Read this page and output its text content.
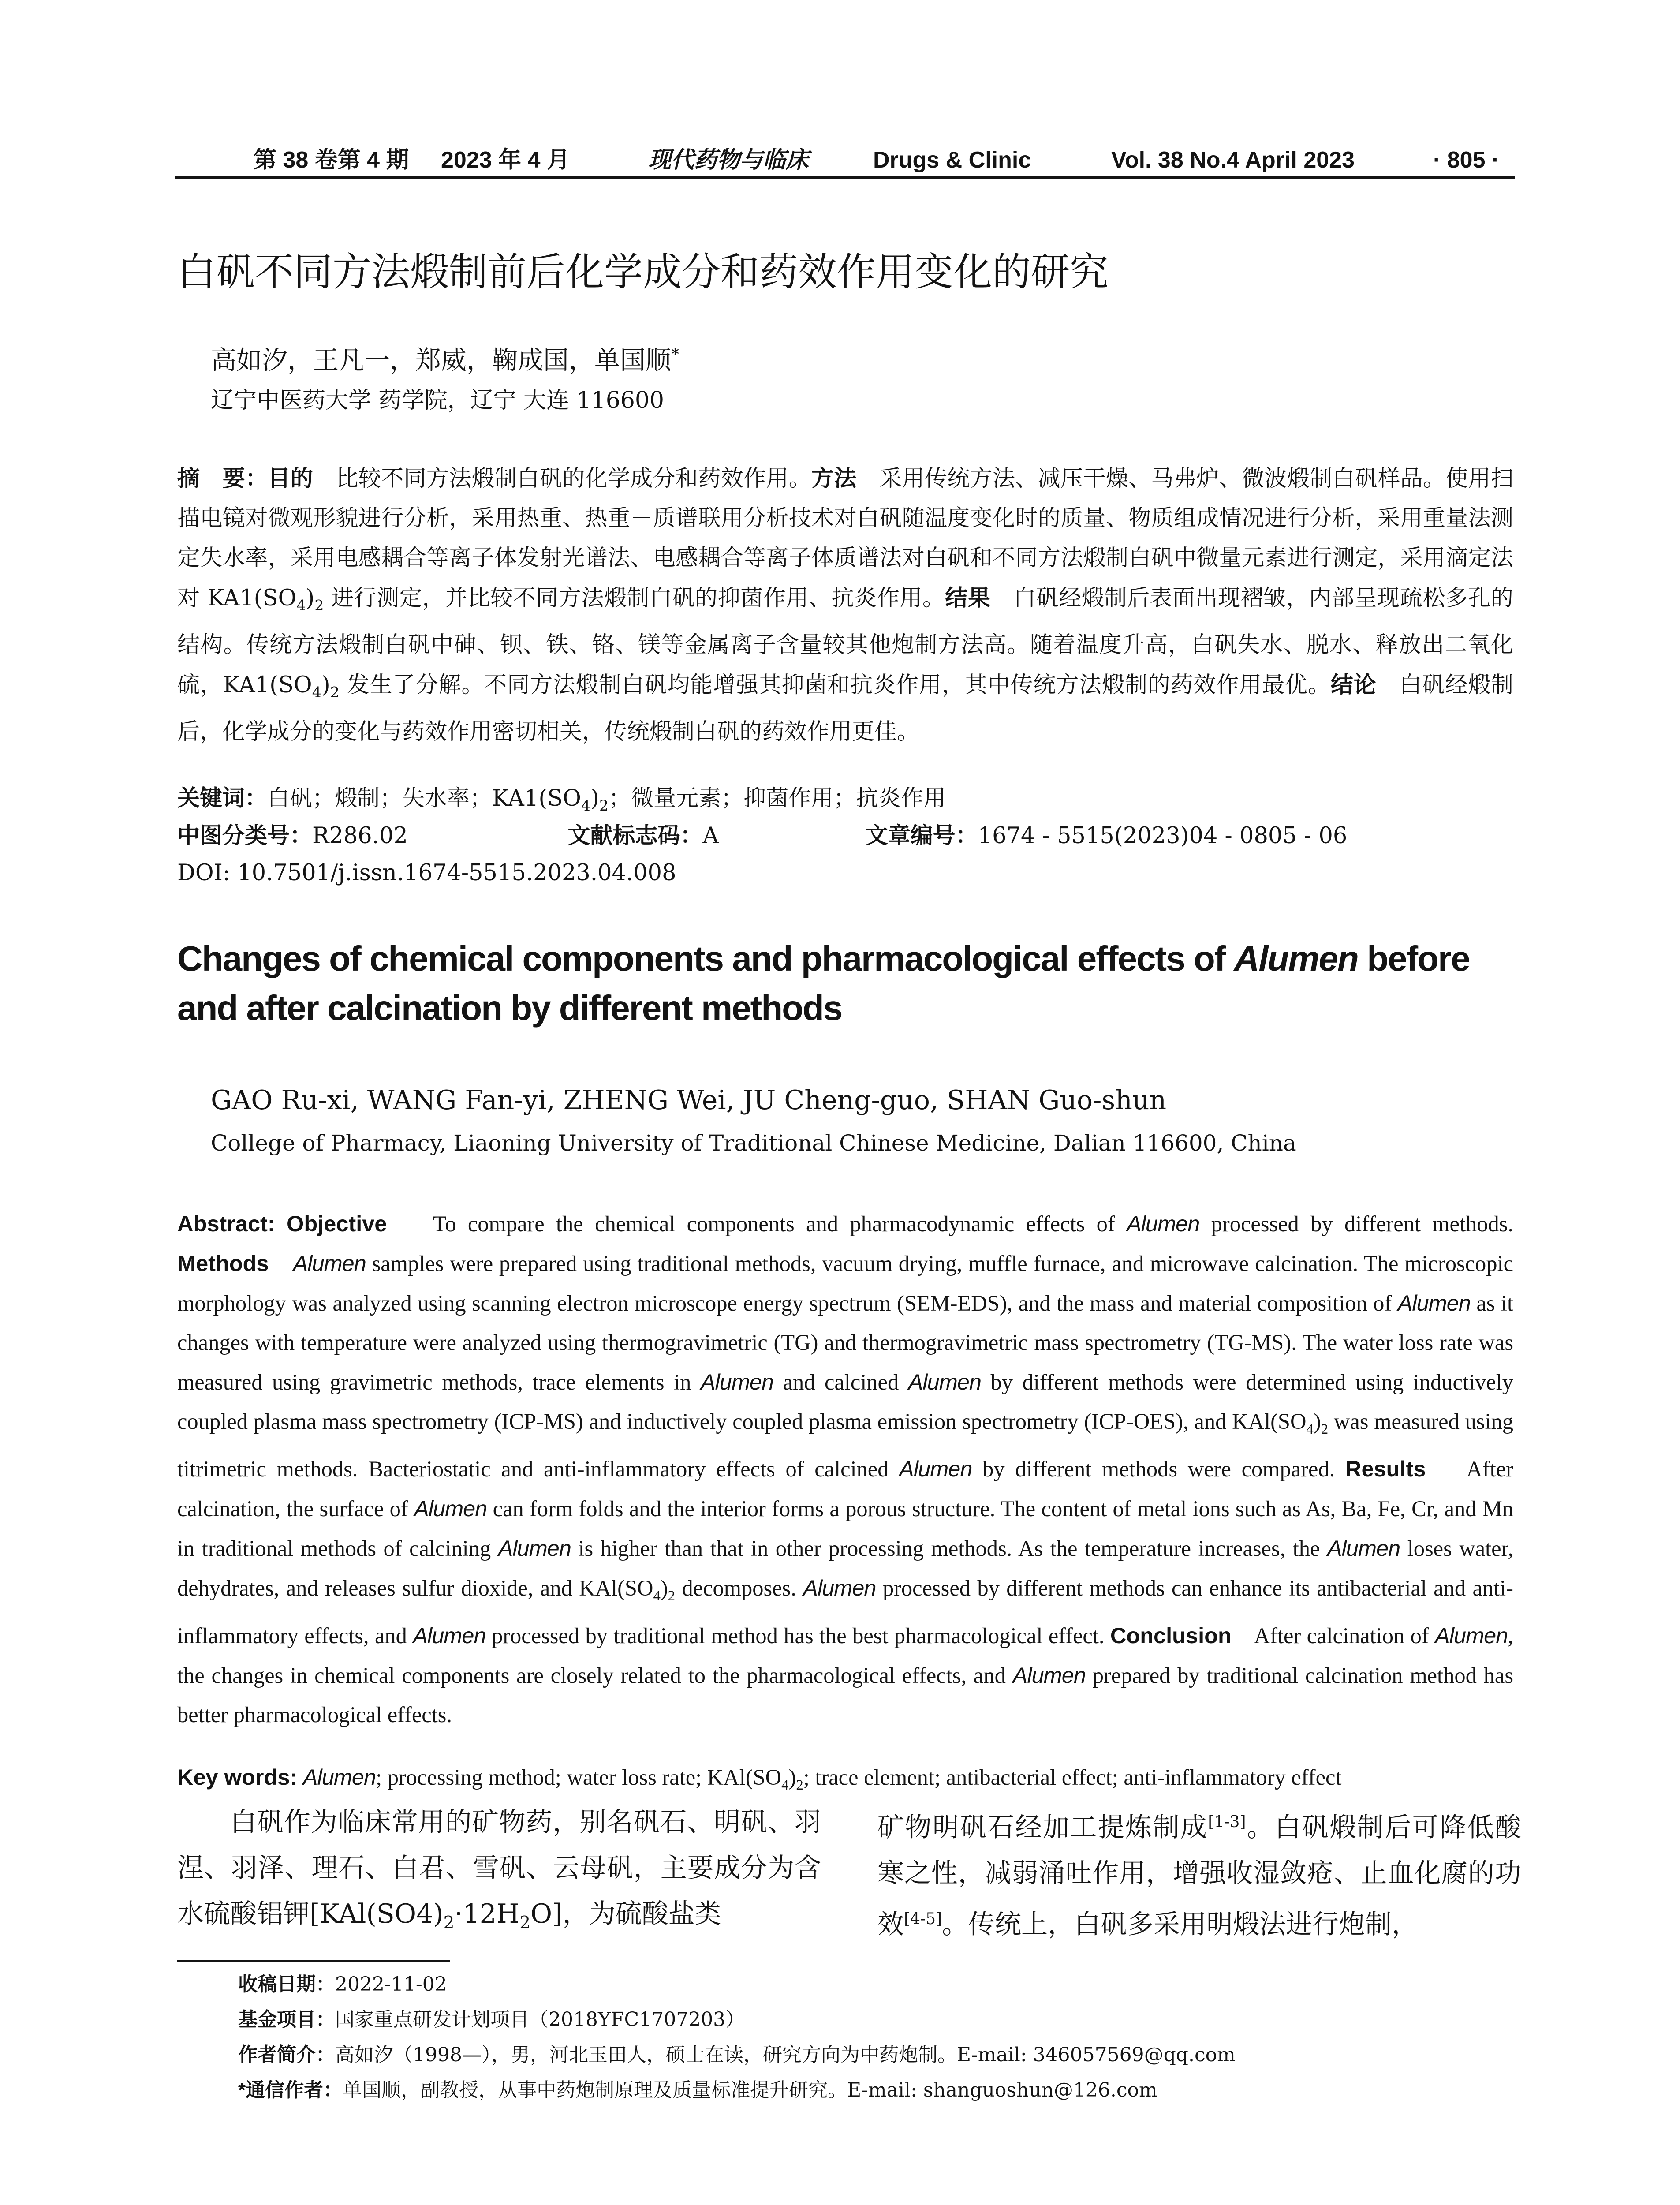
第 38 卷第 4 期 2023 年 4 月	现代药物与临床	Drugs & Clinic	Vol. 38 No.4 April 2023	· 805 ·
白矾不同方法煅制前后化学成分和药效作用变化的研究
高如汐，王凡一，郑威，鞠成国，单国顺*
辽宁中医药大学 药学院，辽宁 大连 116600
摘　要：目的　 比较不同方法煅制白矾的化学成分和药效作用。方法　 采用传统方法、减压干燥、马弗炉、微波煅制白矾样品。使用扫描电镜对微观形貌进行分析，采用热重、热重－质谱联用分析技术对白矾随温度变化时的质量、物质组成情况进行分析，采用重量法测定失水率，采用电感耦合等离子体发射光谱法、电感耦合等离子体质谱法对白矾和不同方法煅制白矾中微量元素进行测定，采用滴定法对 $KA1(SO_4)_2$ 进行测定，并比较不同方法煅制白矾的抑菌作用、抗炎作用。结果　 白矾经煅制后表面出现褶皱，内部呈现疏松多孔的结构。传统方法煅制白矾中砷、钡、铁、铬、镁等金属离子含量较其他炮制方法高。随着温度升高，白矾失水、脱水、释放出二氧化硫，$KA1(SO_4)_2$ 发生了分解。不同方法煅制白矾均能增强其抑菌和抗炎作用，其中传统方法煅制的药效作用最优。结论　 白矾经煅制后，化学成分的变化与药效作用密切相关，传统煅制白矾的药效作用更佳。
关键词：白矾；煅制；失水率；$KA1(SO_4)_2$；微量元素；抑菌作用；抗炎作用
中图分类号：R286.02	文献标志码：A	文章编号：1674 - 5515(2023)04 - 0805 - 06
DOI: 10.7501/j.issn.1674-5515.2023.04.008
Changes of chemical components and pharmacological effects of Alumen before and after calcination by different methods
GAO Ru-xi, WANG Fan-yi, ZHENG Wei, JU Cheng-guo, SHAN Guo-shun
College of Pharmacy, Liaoning University of Traditional Chinese Medicine, Dalian 116600, China
Abstract: Objective To compare the chemical components and pharmacodynamic effects of Alumen processed by different methods. Methods Alumen samples were prepared using traditional methods, vacuum drying, muffle furnace, and microwave calcination. The microscopic morphology was analyzed using scanning electron microscope energy spectrum (SEM-EDS), and the mass and material composition of Alumen as it changes with temperature were analyzed using thermogravimetric (TG) and thermogravimetric mass spectrometry (TG-MS). The water loss rate was measured using gravimetric methods, trace elements in Alumen and calcined Alumen by different methods were determined using inductively coupled plasma mass spectrometry (ICP-MS) and inductively coupled plasma emission spectrometry (ICP-OES), and $KAl(SO_4)_2$ was measured using titrimetric methods. Bacteriostatic and anti-inflammatory effects of calcined Alumen by different methods were compared. Results After calcination, the surface of Alumen can form folds and the interior forms a porous structure. The content of metal ions such as As, Ba, Fe, Cr, and Mn in traditional methods of calcining Alumen is higher than that in other processing methods. As the temperature increases, the Alumen loses water, dehydrates, and releases sulfur dioxide, and $KAl(SO_4)_2$ decomposes. Alumen processed by different methods can enhance its antibacterial and anti-inflammatory effects, and Alumen processed by traditional method has the best pharmacological effect. Conclusion After calcination of Alumen, the changes in chemical components are closely related to the pharmacological effects, and Alumen prepared by traditional calcination method has better pharmacological effects.
Key words: Alumen; processing method; water loss rate; $KAl(SO_4)_2$; trace element; antibacterial effect; anti-inflammatory effect
白矾作为临床常用的矿物药，别名矾石、明矾、羽涅、羽泽、理石、白君、雪矾、云母矾，主要成分为含水硫酸铝钾$[KAl(SO4)_2\cdot 12H_2O]$，为硫酸盐类
矿物明矾石经加工提炼制成[1-3]。白矾煅制后可降低酸寒之性，减弱涌吐作用，增强收湿敛疮、止血化腐的功效[4-5]。传统上，白矾多采用明煅法进行炮制，
收稿日期：2022-11-02
基金项目：国家重点研发计划项目（2018YFC1707203）
作者简介：高如汐（1998—），男，河北玉田人，硕士在读，研究方向为中药炮制。E-mail: 346057569@qq.com
*通信作者：单国顺，副教授，从事中药炮制原理及质量标准提升研究。E-mail: shanguoshun@126.com
